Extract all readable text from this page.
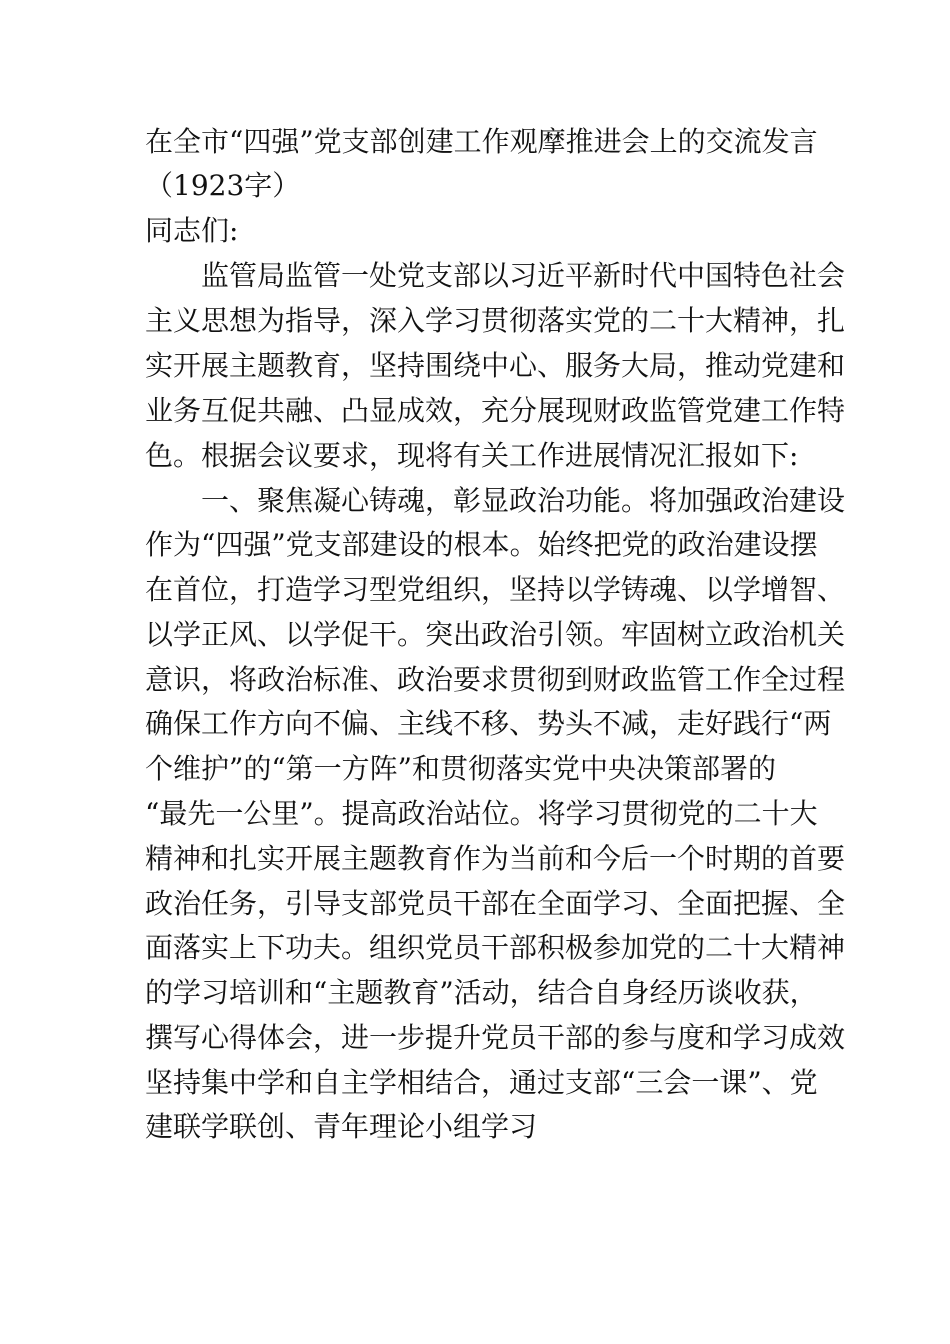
在全市“四强”党支部创建工作观摩推进会上的交流发言
（1923字）
同志们:
监管局监管一处党支部以习近平新时代中国特色社会
主义思想为指导，深入学习贯彻落实党的二十大精神，扎
实开展主题教育，坚持围绕中心、服务大局，推动党建和
业务互促共融、凸显成效，充分展现财政监管党建工作特
色。根据会议要求，现将有关工作进展情况汇报如下:
一、聚焦凝心铸魂，彰显政治功能。将加强政治建设
作为“四强”党支部建设的根本。始终把党的政治建设摆
在首位，打造学习型党组织，坚持以学铸魂、以学增智、
以学正风、以学促干。突出政治引领。牢固树立政治机关
意识，将政治标准、政治要求贯彻到财政监管工作全过程
确保工作方向不偏、主线不移、势头不减，走好践行“两
个维护”的“第一方阵”和贯彻落实党中央决策部署的
“最先一公里”。提高政治站位。将学习贯彻党的二十大
精神和扎实开展主题教育作为当前和今后一个时期的首要
政治任务，引导支部党员干部在全面学习、全面把握、全
面落实上下功夫。组织党员干部积极参加党的二十大精神
的学习培训和“主题教育”活动，结合自身经历谈收获，
撰写心得体会，进一步提升党员干部的参与度和学习成效
坚持集中学和自主学相结合，通过支部“三会一课”、党
建联学联创、青年理论小组学习
